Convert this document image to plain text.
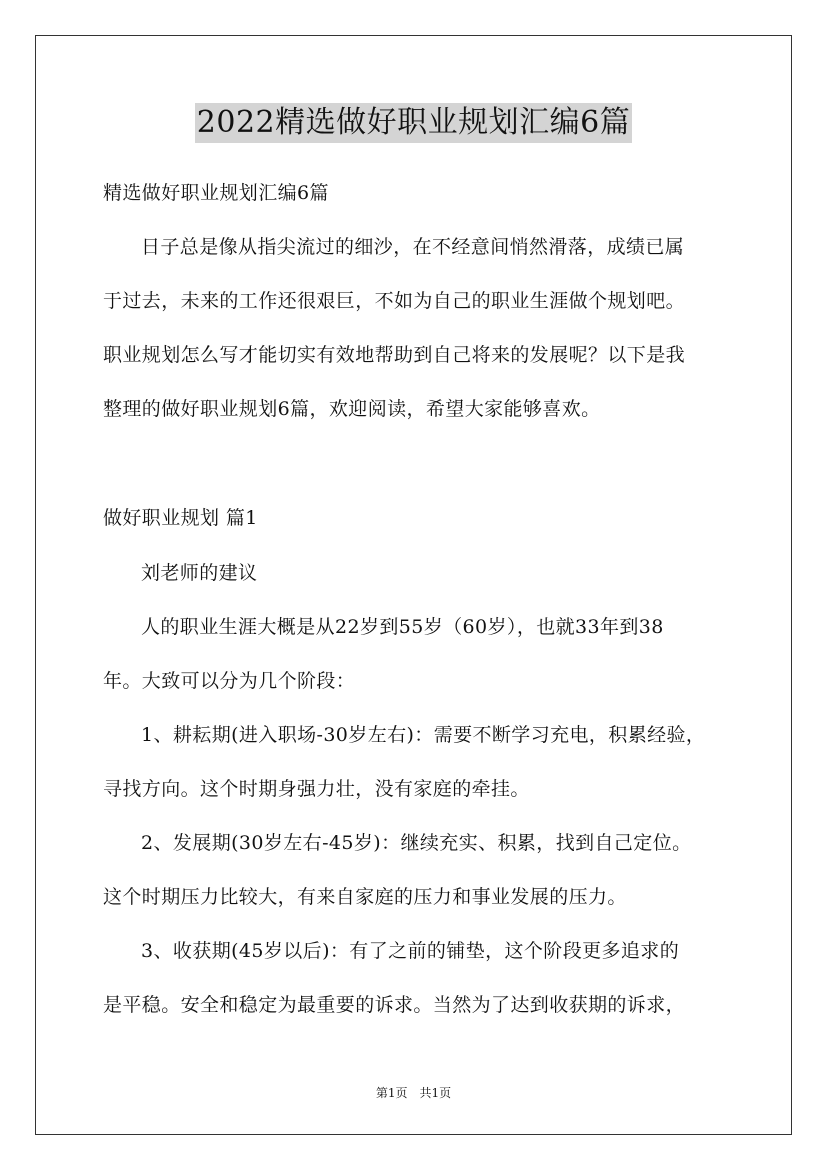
2022精选做好职业规划汇编6篇
精选做好职业规划汇编6篇
日子总是像从指尖流过的细沙，在不经意间悄然滑落，成绩已属
于过去，未来的工作还很艰巨，不如为自己的职业生涯做个规划吧。
职业规划怎么写才能切实有效地帮助到自己将来的发展呢？以下是我
整理的做好职业规划6篇，欢迎阅读，希望大家能够喜欢。
做好职业规划 篇1
刘老师的建议
人的职业生涯大概是从22岁到55岁（60岁），也就33年到38
年。大致可以分为几个阶段：
1、耕耘期(进入职场-30岁左右)：需要不断学习充电，积累经验，
寻找方向。这个时期身强力壮，没有家庭的牵挂。
2、发展期(30岁左右-45岁)：继续充实、积累，找到自己定位。
这个时期压力比较大，有来自家庭的压力和事业发展的压力。
3、收获期(45岁以后)：有了之前的铺垫，这个阶段更多追求的
是平稳。安全和稳定为最重要的诉求。当然为了达到收获期的诉求，
第1页　共1页
